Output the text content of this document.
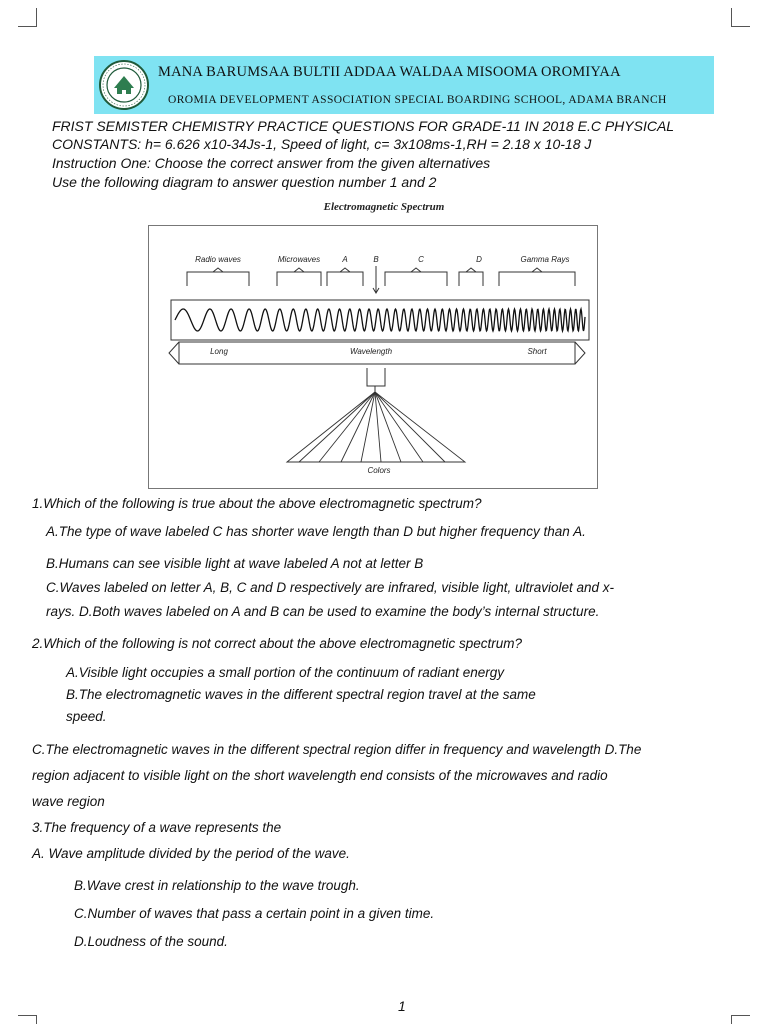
MANA BARUMSAA BULTII ADDAA WALDAA MISOOMA OROMIYAA
OROMIA DEVELOPMENT ASSOCIATION SPECIAL BOARDING SCHOOL, ADAMA BRANCH
FRIST SEMISTER CHEMISTRY PRACTICE QUESTIONS FOR GRADE-11 IN 2018 E.C PHYSICAL
CONSTANTS: h= 6.626 x10-34Js-1, Speed of light, c= 3x108ms-1,RH = 2.18 x 10-18 J
Instruction One: Choose the correct answer from the given alternatives
Use the following diagram to answer question number 1 and 2
Electromagnetic Spectrum
Radio waves	Microwaves	A	B	C	D	Gamma Rays
Long	Wavelength	Short
Colors
1.Which of the following is true about the above electromagnetic spectrum?
A.The type of wave labeled C has shorter wave length than D but higher frequency than A.
B.Humans can see visible light at wave labeled A not at letter B
C.Waves labeled on letter A, B, C and D respectively are infrared, visible light, ultraviolet and x-
rays. D.Both waves labeled on A and B can be used to examine the body’s internal structure.
2.Which of the following is not correct about the above electromagnetic spectrum?
A.Visible light occupies a small portion of the continuum of radiant energy
B.The electromagnetic waves in the different spectral region travel at the same
speed.
C.The electromagnetic waves in the different spectral region differ in frequency and wavelength D.The
region adjacent to visible light on the short wavelength end consists of the microwaves and radio
wave region
3.The frequency of a wave represents the
A. Wave amplitude divided by the period of the wave.
B.Wave crest in relationship to the wave trough.
C.Number of waves that pass a certain point in a given time.
D.Loudness of the sound.
1
